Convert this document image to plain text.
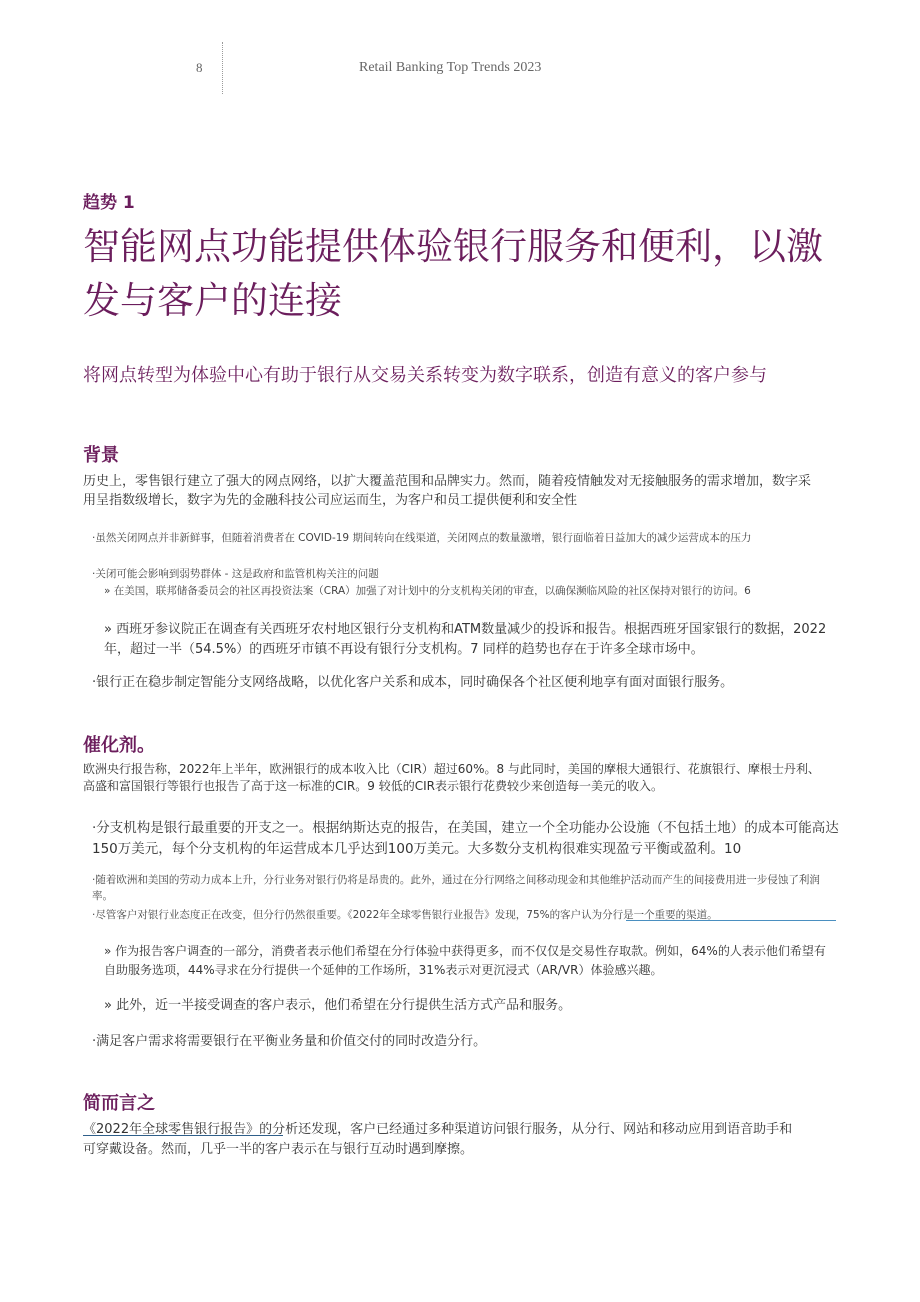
8	Retail Banking Top Trends 2023
趋势 1
智能网点功能提供体验银行服务和便利，以激发与客户的连接
将网点转型为体验中心有助于银行从交易关系转变为数字联系，创造有意义的客户参与
背景
历史上，零售银行建立了强大的网点网络，以扩大覆盖范围和品牌实力。然而，随着疫情触发对无接触服务的需求增加，数字采用呈指数级增长，数字为先的金融科技公司应运而生，为客户和员工提供便利和安全性
·虽然关闭网点并非新鲜事，但随着消费者在 COVID-19 期间转向在线渠道，关闭网点的数量激增，银行面临着日益加大的减少运营成本的压力
·关闭可能会影响到弱势群体 - 这是政府和监管机构关注的问题
» 在美国，联邦储备委员会的社区再投资法案（CRA）加强了对计划中的分支机构关闭的审查，以确保濒临风险的社区保持对银行的访问。6
» 西班牙参议院正在调查有关西班牙农村地区银行分支机构和ATM数量减少的投诉和报告。根据西班牙国家银行的数据，2022年，超过一半（54.5%）的西班牙市镇不再设有银行分支机构。7 同样的趋势也存在于许多全球市场中。
·银行正在稳步制定智能分支网络战略，以优化客户关系和成本，同时确保各个社区便利地享有面对面银行服务。
催化剂。
欧洲央行报告称，2022年上半年，欧洲银行的成本收入比（CIR）超过60%。8 与此同时，美国的摩根大通银行、花旗银行、摩根士丹利、高盛和富国银行等银行也报告了高于这一标准的CIR。9 较低的CIR表示银行花费较少来创造每一美元的收入。
·分支机构是银行最重要的开支之一。根据纳斯达克的报告，在美国，建立一个全功能办公设施（不包括土地）的成本可能高达150万美元，每个分支机构的年运营成本几乎达到100万美元。大多数分支机构很难实现盈亏平衡或盈利。10
·随着欧洲和美国的劳动力成本上升，分行业务对银行仍将是昂贵的。此外，通过在分行网络之间移动现金和其他维护活动而产生的间接费用进一步侵蚀了利润率。
·尽管客户对银行业态度正在改变，但分行仍然很重要。《2022年全球零售银行业报告》发现，75%的客户认为分行是一个重要的渠道。
» 作为报告客户调查的一部分，消费者表示他们希望在分行体验中获得更多，而不仅仅是交易性存取款。例如，64%的人表示他们希望有自助服务选项，44%寻求在分行提供一个延伸的工作场所，31%表示对更沉浸式（AR/VR）体验感兴趣。
» 此外，近一半接受调查的客户表示，他们希望在分行提供生活方式产品和服务。
·满足客户需求将需要银行在平衡业务量和价值交付的同时改造分行。
简而言之
《2022年全球零售银行报告》的分析还发现，客户已经通过多种渠道访问银行服务，从分行、网站和移动应用到语音助手和可穿戴设备。然而，几乎一半的客户表示在与银行互动时遇到摩擦。
